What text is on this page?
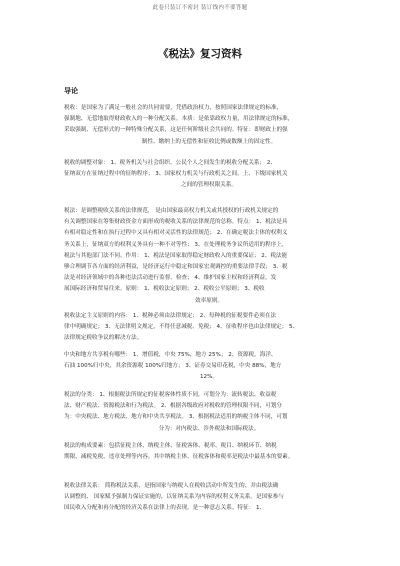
此卷只装订不密封 装订线内不要答题
《税法》复习资料
导论
税收：是国家为了满足一般社会的共同需要，凭借政治权力，按照国家法律规定的标准，
强制地、无偿地取得财政收入的一种分配关系。本质：是依靠政权力量，用法律规定的标准，
采取强制、无偿形式的一种特殊分配关系，这是任何阶级社会共同的。特征：即财政上的强
制性、缴纳上的无偿性和征收比例或数额上的固定性。
税收的调整对象： 1、税务机关与社会组织、公民个人之间发生的税收分配关系； 2、
征纳双方在征纳过程中的征纳程序； 3、国家权力机关与行政机关之间，上、下级国家机关
之间的管理权限关系。
税法：是调整税收关系的法律规范， 是由国家最高权力机关或其授权的行政机关规定的
有关调整国家在筹集财政资金方面形成的税收关系的法律规范的总称。特点： 1、税法是具
有相对稳定性和在执行过程中又具有相对灵活性的法律规范； 2、在确定税法主体的权利义
务关系上，征纳双方的权利义务具有一种不对等性； 3、在处理税务争议所适用的程序上，
税法与其他部门法不同。作用： 1、税法是国家取得稳定财政收入的重要保证； 2、税法能
够合理调节各方面的经济利益，是经济运行中稳定和国家宏观调控的重要法律手段； 3、税
法是对经济领域中的各种违法活动进行监督、检查； 4、维护国家主权和经济利益，发
展国际经济和贸易往来。原则： 1、税收法定原则； 2、税收公平原则； 3、税收
效率原则。
税收法定主义原则的内容： 1、税种必须由法律规定； 2、每种税的征税要件必须在法
律中明确规定； 3、无法律明文规定，不得任意减税、免税； 4、征收程序也由法律规定； 5、
法律规定税收争议的解决方法。
中央和地方共享税有哪些： 1、增值税，中央 75%，地方 25%； 2、资源税，海洋、
石油 100%归中央，其余资源税 100%归地方； 3、证券交易印花税，中央 88%，地方
12%。
税法的分类： 1、根据税法所规定的征税客体性质不同，可划分为：流转税法、收益税
法、财产税法、资源税法和行为税法。 2、根据各级政府对税收的管理权限不同，可划分
为：中央税法、地方税法、地方和中央共享税法。 3、根据税法适用的纳税主体不同，可划
分为：对内税法、涉外税法和国际税法。
税法的构成要素：包括征税主体、纳税主体、征税客体、税率、税目、纳税环节、纳税
期限、减税免税、违章处理等内容。其中纳税主体、征税客体和税率是税法中最基本的要素。
税收法律关系： 简称税法关系，是指国家与纳税人在税收活动中所发生的、并由税法确
认调整的、 国家赋予强制力保证实施的，以征纳关系为内容的权利义务关系。是国家参与
国民收入分配和再分配的经济关系在法律上的表现，是一种意志关系。特征： 1、
